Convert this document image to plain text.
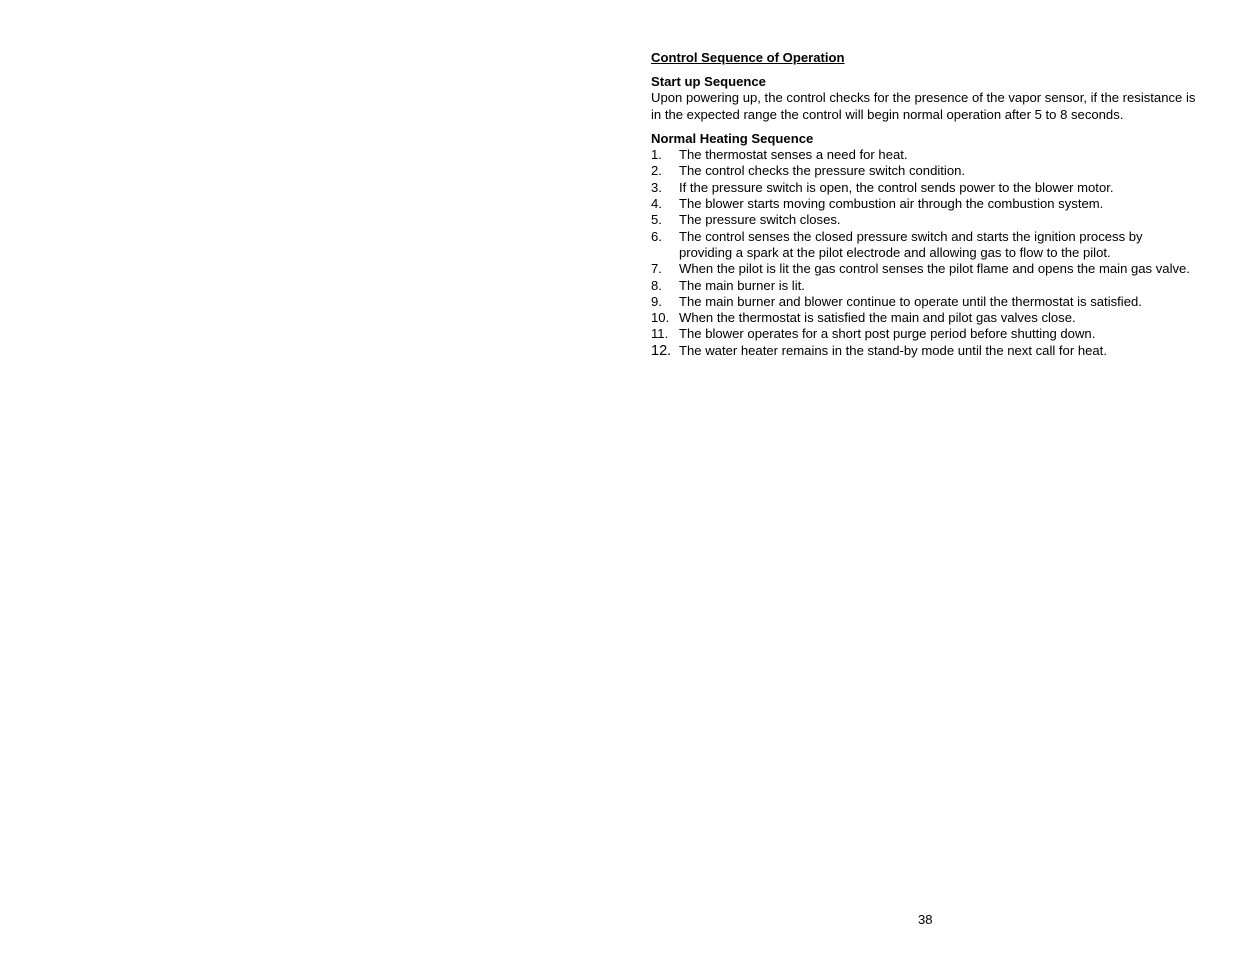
Control Sequence of Operation
Start up Sequence
Upon powering up, the control checks for the presence of the vapor sensor, if the resistance is in the expected range the control will begin normal operation after 5 to 8 seconds.
Normal Heating Sequence
1.	The thermostat senses a need for heat.
2.	The control checks the pressure switch condition.
3.	If the pressure switch is open, the control sends power to the blower motor.
4.	The blower starts moving combustion air through the combustion system.
5.	The pressure switch closes.
6.	The control senses the closed pressure switch and starts the ignition process by providing a spark at the pilot electrode and allowing gas to flow to the pilot.
7.	When the pilot is lit the gas control senses the pilot flame and opens the main gas valve.
8.	The main burner is lit.
9.	The main burner and blower continue to operate until the thermostat is satisfied.
10. When the thermostat is satisfied the main and pilot gas valves close.
11. The blower operates for a short post purge period before shutting down.
12. The water heater remains in the stand-by mode until the next call for heat.
38
